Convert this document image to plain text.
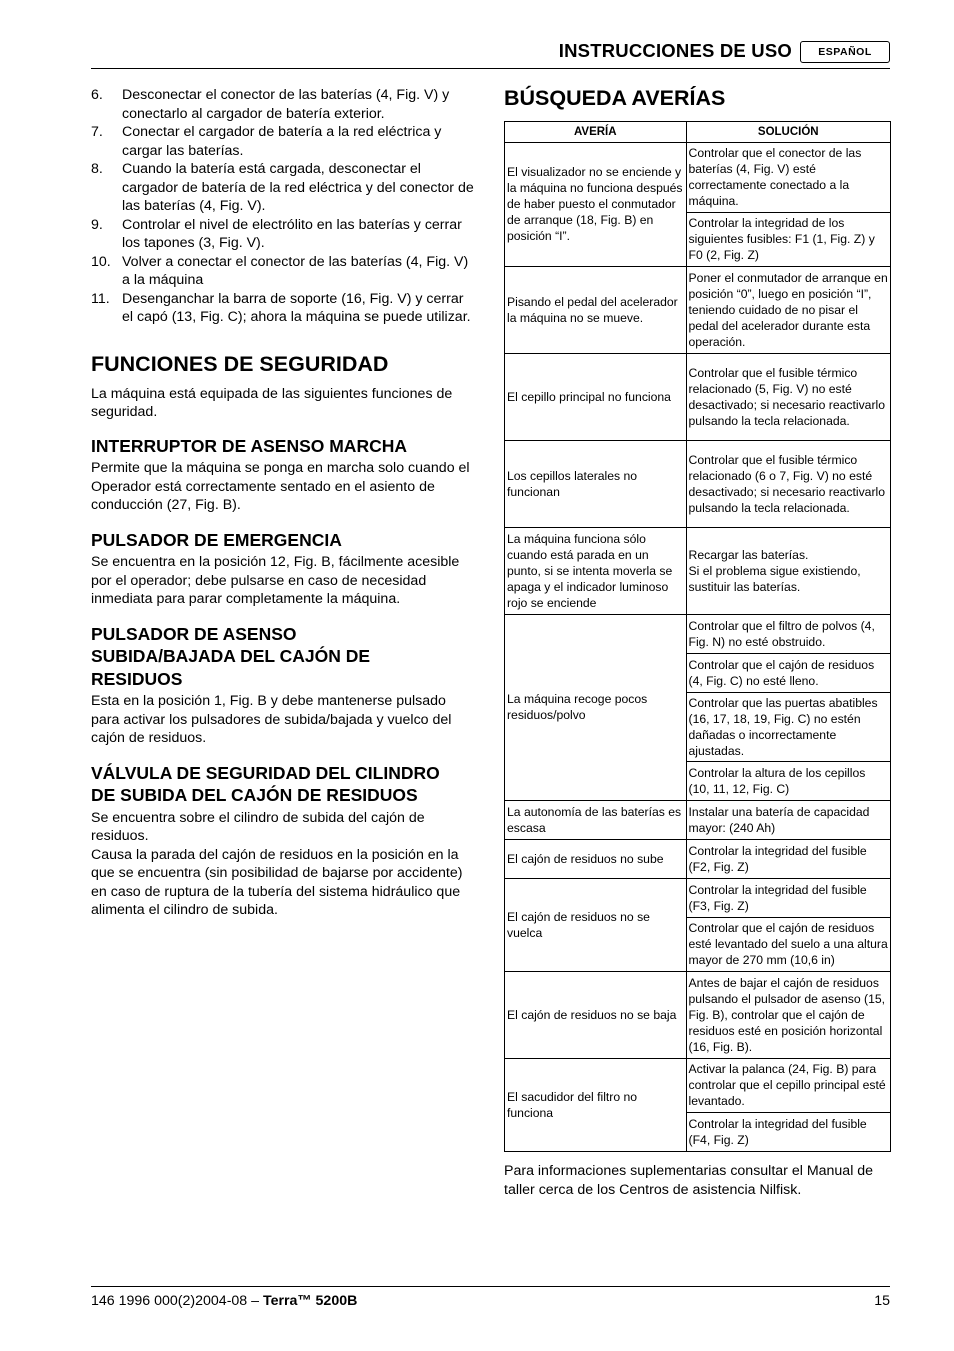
INSTRUCCIONES DE USO	ESPAÑOL
6. Desconectar el conector de las baterías (4, Fig. V) y conectarlo al cargador de batería exterior.
7. Conectar el cargador de batería a la red eléctrica y cargar las baterías.
8. Cuando la batería está cargada, desconectar el cargador de batería de la red eléctrica y del conector de las baterías (4, Fig. V).
9. Controlar el nivel de electrólito en las baterías y cerrar los tapones (3, Fig. V).
10. Volver a conectar el conector de las baterías (4, Fig. V) a la máquina
11. Desenganchar la barra de soporte (16, Fig. V) y cerrar el capó (13, Fig. C); ahora la máquina se puede utilizar.
FUNCIONES DE SEGURIDAD

La máquina está equipada de las siguientes funciones de seguridad.

INTERRUPTOR DE ASENSO MARCHA

Permite que la máquina se ponga en marcha solo cuando el Operador está correctamente sentado en el asiento de conducción (27, Fig. B).

PULSADOR DE EMERGENCIA

Se encuentra en la posición 12, Fig. B, fácilmente acesible por el operador; debe pulsarse en caso de necesidad inmediata para parar completamente la máquina.

PULSADOR DE ASENSO
SUBIDA/BAJADA DEL CAJÓN DE
RESIDUOS

Esta en la posición 1, Fig. B y debe mantenerse pulsado para activar los pulsadores de subida/bajada y vuelco del cajón de residuos.

VÁLVULA DE SEGURIDAD DEL CILINDRO
DE SUBIDA DEL CAJÓN DE RESIDUOS

Se encuentra sobre el cilindro de subida del cajón de residuos.

Causa la parada del cajón de residuos en la posición en la que se encuentra (sin posibilidad de bajarse por accidente) en caso de ruptura de la tubería del sistema hidráulico que alimenta el cilindro de subida.

BÚSQUEDA AVERÍAS
AVERÍA	SOLUCIÓN
El visualizador no se enciende y la máquina no funciona después de haber puesto el conmutador de arranque (18, Fig. B) en posición “I”.	Controlar que el conector de las baterías (4, Fig. V) esté correctamente conectado a la máquina.
	Controlar la integridad de los siguientes fusibles: F1 (1, Fig. Z) y F0 (2, Fig. Z)
Pisando el pedal del acelerador la máquina no se mueve.	Poner el conmutador de arranque en posición “0”, luego en posición “I”, teniendo cuidado de no pisar el pedal del acelerador durante esta operación.
El cepillo principal no funciona	Controlar que el fusible térmico relacionado (5, Fig. V) no esté desactivado; si necesario reactivarlo pulsando la tecla relacionada.
Los cepillos laterales no funcionan	Controlar que el fusible térmico relacionado (6 o 7, Fig. V) no esté desactivado; si necesario reactivarlo pulsando la tecla relacionada.
La máquina funciona sólo cuando está parada en un punto, si se intenta moverla se apaga y el indicador luminoso rojo se enciende	Recargar las baterías.
Si el problema sigue existiendo, sustituir las baterías.
La máquina recoge pocos residuos/polvo	Controlar que el filtro de polvos (4, Fig. N) no esté obstruido.
	Controlar que el cajón de residuos (4, Fig. C) no esté lleno.
	Controlar que las puertas abatibles (16, 17, 18, 19, Fig. C) no estén dañadas o incorrectamente ajustadas.
	Controlar la altura de los cepillos (10, 11, 12, Fig. C)
La autonomía de las baterías es escasa	Instalar una batería de capacidad mayor: (240 Ah)
El cajón de residuos no sube	Controlar la integridad del fusible (F2, Fig. Z)
El cajón de residuos no se vuelca	Controlar la integridad del fusible (F3, Fig. Z)
	Controlar que el cajón de residuos esté levantado del suelo a una altura mayor de 270 mm (10,6 in)
El cajón de residuos no se baja	Antes de bajar el cajón de residuos pulsando el pulsador de asenso (15, Fig. B), controlar que el cajón de residuos esté en posición horizontal (16, Fig. B).
El sacudidor del filtro no funciona	Activar la palanca (24, Fig. B) para controlar que el cepillo principal esté levantado.
	Controlar la integridad del fusible (F4, Fig. Z)

Para informaciones suplementarias consultar el Manual de taller cerca de los Centros de asistencia Nilfisk.

146 1996 000(2)2004-08 – Terra™ 5200B	15
